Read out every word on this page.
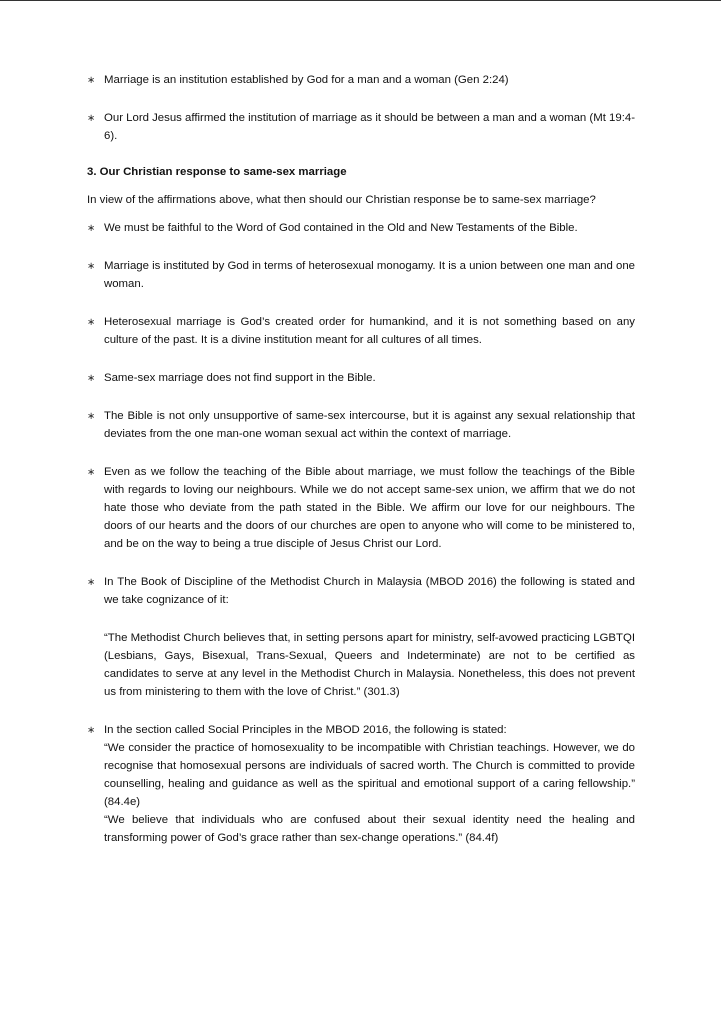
∗ Marriage is an institution established by God for a man and a woman (Gen 2:24)

∗ Our Lord Jesus affirmed the institution of marriage as it should be between a man and a woman (Mt 19:4-6).

3. Our Christian response to same-sex marriage

In view of the affirmations above, what then should our Christian response be to same-sex marriage?

∗ We must be faithful to the Word of God contained in the Old and New Testaments of the Bible.

∗ Marriage is instituted by God in terms of heterosexual monogamy. It is a union between one man and one woman.

∗ Heterosexual marriage is God’s created order for humankind, and it is not something based on any culture of the past. It is a divine institution meant for all cultures of all times.

∗ Same-sex marriage does not find support in the Bible.

∗ The Bible is not only unsupportive of same-sex intercourse, but it is against any sexual relationship that deviates from the one man-one woman sexual act within the context of marriage.

∗ Even as we follow the teaching of the Bible about marriage, we must follow the teachings of the Bible with regards to loving our neighbours. While we do not accept same-sex union, we affirm that we do not hate those who deviate from the path stated in the Bible. We affirm our love for our neighbours. The doors of our hearts and the doors of our churches are open to anyone who will come to be ministered to, and be on the way to being a true disciple of Jesus Christ our Lord.

∗ In The Book of Discipline of the Methodist Church in Malaysia (MBOD 2016) the following is stated and we take cognizance of it:

“The Methodist Church believes that, in setting persons apart for ministry, self-avowed practicing LGBTQI (Lesbians, Gays, Bisexual, Trans-Sexual, Queers and Indeterminate) are not to be certified as candidates to serve at any level in the Methodist Church in Malaysia. Nonetheless, this does not prevent us from ministering to them with the love of Christ.” (301.3)

∗ In the section called Social Principles in the MBOD 2016, the following is stated:

“We consider the practice of homosexuality to be incompatible with Christian teachings. However, we do recognise that homosexual persons are individuals of sacred worth. The Church is committed to provide counselling, healing and guidance as well as the spiritual and emotional support of a caring fellowship.” (84.4e)

“We believe that individuals who are confused about their sexual identity need the healing and transforming power of God’s grace rather than sex-change operations.” (84.4f)
